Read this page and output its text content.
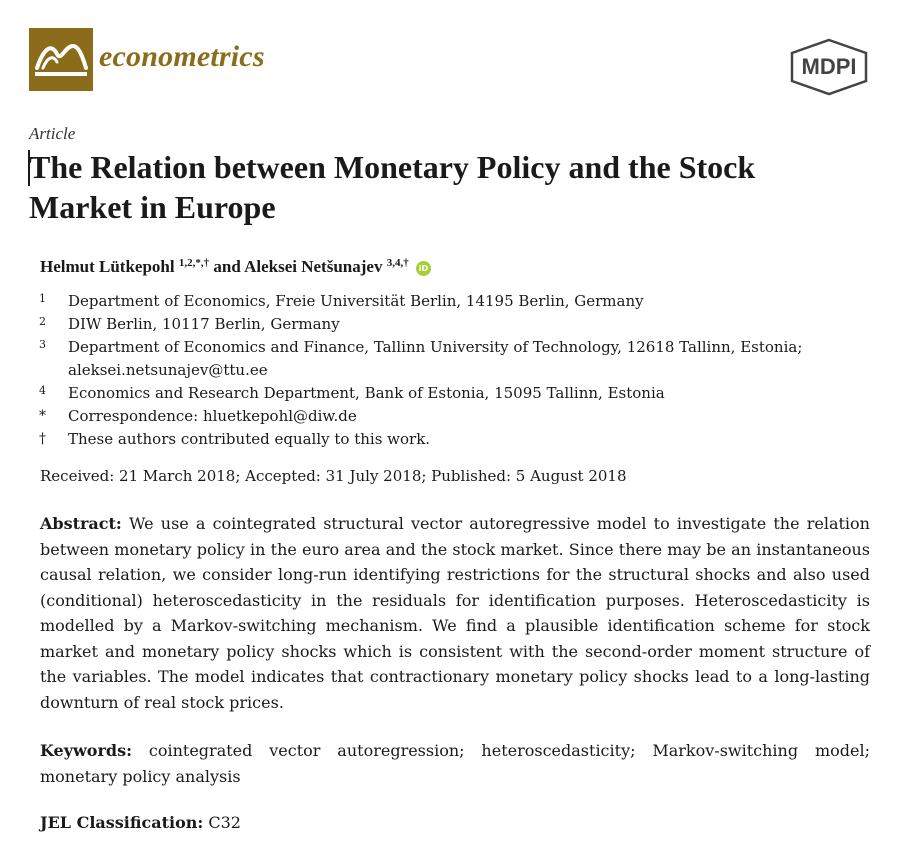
econometrics	MDPI
Article
The Relation between Monetary Policy and the Stock
Market in Europe
Helmut Lütkepohl $^{1,2,*,\dagger}$ and Aleksei Netšunajev $^{3,4,\dagger}$ iD
1 Department of Economics, Freie Universität Berlin, 14195 Berlin, Germany
2 DIW Berlin, 10117 Berlin, Germany
3 Department of Economics and Finance, Tallinn University of Technology, 12618 Tallinn, Estonia;
aleksei.netsunajev@ttu.ee
4 Economics and Research Department, Bank of Estonia, 15095 Tallinn, Estonia
* Correspondence: hluetkepohl@diw.de
† These authors contributed equally to this work.
Received: 21 March 2018; Accepted: 31 July 2018; Published: 5 August 2018

Abstract: We use a cointegrated structural vector autoregressive model to investigate the relation between monetary policy in the euro area and the stock market. Since there may be an instantaneous causal relation, we consider long-run identifying restrictions for the structural shocks and also used (conditional) heteroscedasticity in the residuals for identification purposes. Heteroscedasticity is modelled by a Markov-switching mechanism. We find a plausible identification scheme for stock market and monetary policy shocks which is consistent with the second-order moment structure of the variables. The model indicates that contractionary monetary policy shocks lead to a long-lasting downturn of real stock prices.

Keywords: cointegrated vector autoregression; heteroscedasticity; Markov-switching model; monetary policy analysis

JEL Classification: C32
